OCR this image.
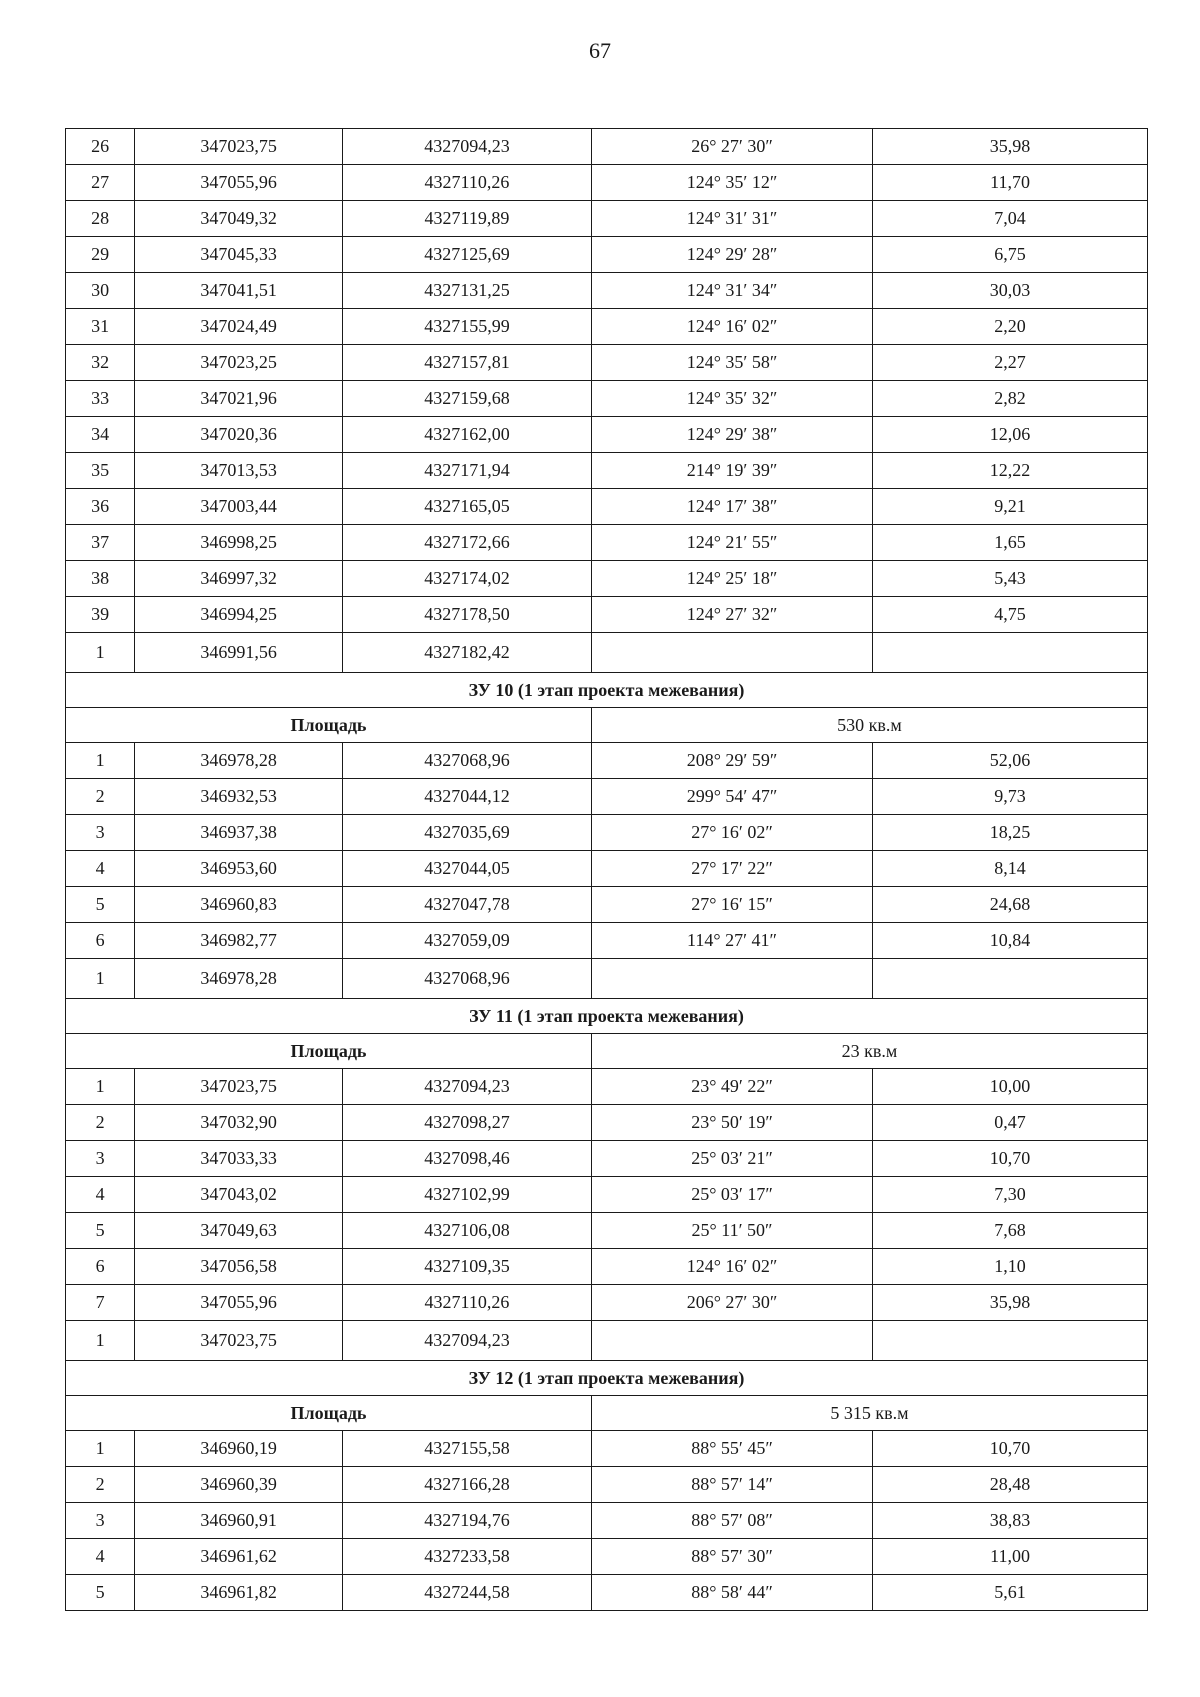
67
26	347023,75	4327094,23	26° 27′ 30″	35,98
27	347055,96	4327110,26	124° 35′ 12″	11,70
28	347049,32	4327119,89	124° 31′ 31″	7,04
29	347045,33	4327125,69	124° 29′ 28″	6,75
30	347041,51	4327131,25	124° 31′ 34″	30,03
31	347024,49	4327155,99	124° 16′ 02″	2,20
32	347023,25	4327157,81	124° 35′ 58″	2,27
33	347021,96	4327159,68	124° 35′ 32″	2,82
34	347020,36	4327162,00	124° 29′ 38″	12,06
35	347013,53	4327171,94	214° 19′ 39″	12,22
36	347003,44	4327165,05	124° 17′ 38″	9,21
37	346998,25	4327172,66	124° 21′ 55″	1,65
38	346997,32	4327174,02	124° 25′ 18″	5,43
39	346994,25	4327178,50	124° 27′ 32″	4,75
1	346991,56	4327182,42		
ЗУ 10 (1 этап проекта межевания)				
Площадь			530 кв.м	
1	346978,28	4327068,96	208° 29′ 59″	52,06
2	346932,53	4327044,12	299° 54′ 47″	9,73
3	346937,38	4327035,69	27° 16′ 02″	18,25
4	346953,60	4327044,05	27° 17′ 22″	8,14
5	346960,83	4327047,78	27° 16′ 15″	24,68
6	346982,77	4327059,09	114° 27′ 41″	10,84
1	346978,28	4327068,96		
ЗУ 11 (1 этап проекта межевания)				
Площадь			23 кв.м	
1	347023,75	4327094,23	23° 49′ 22″	10,00
2	347032,90	4327098,27	23° 50′ 19″	0,47
3	347033,33	4327098,46	25° 03′ 21″	10,70
4	347043,02	4327102,99	25° 03′ 17″	7,30
5	347049,63	4327106,08	25° 11′ 50″	7,68
6	347056,58	4327109,35	124° 16′ 02″	1,10
7	347055,96	4327110,26	206° 27′ 30″	35,98
1	347023,75	4327094,23		
ЗУ 12 (1 этап проекта межевания)				
Площадь			5 315 кв.м	
1	346960,19	4327155,58	88° 55′ 45″	10,70
2	346960,39	4327166,28	88° 57′ 14″	28,48
3	346960,91	4327194,76	88° 57′ 08″	38,83
4	346961,62	4327233,58	88° 57′ 30″	11,00
5	346961,82	4327244,58	88° 58′ 44″	5,61
